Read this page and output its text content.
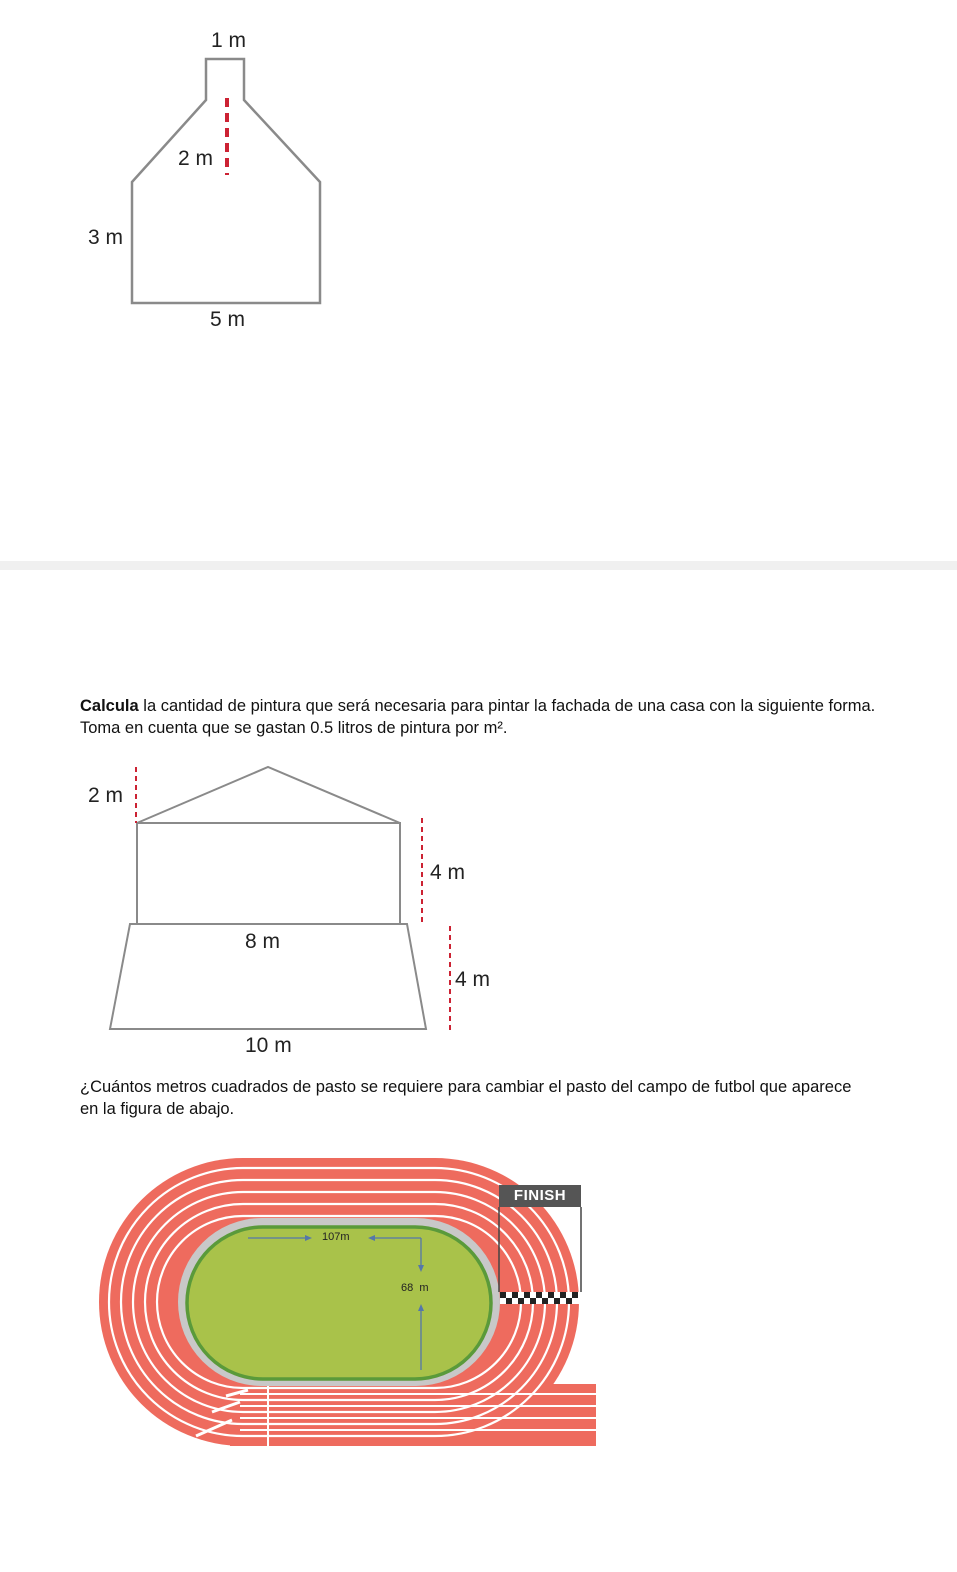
1 m
2 m
3 m
5 m
Calcula la cantidad de pintura que será necesaria para pintar la fachada de una casa con la siguiente forma. Toma en cuenta que se gastan 0.5 litros de pintura por m².
2 m
4 m
8 m
4 m
10 m
¿Cuántos metros cuadrados de pasto se requiere para cambiar el pasto del campo de futbol que aparece en la figura de abajo.
FINISH
107m
68  m
